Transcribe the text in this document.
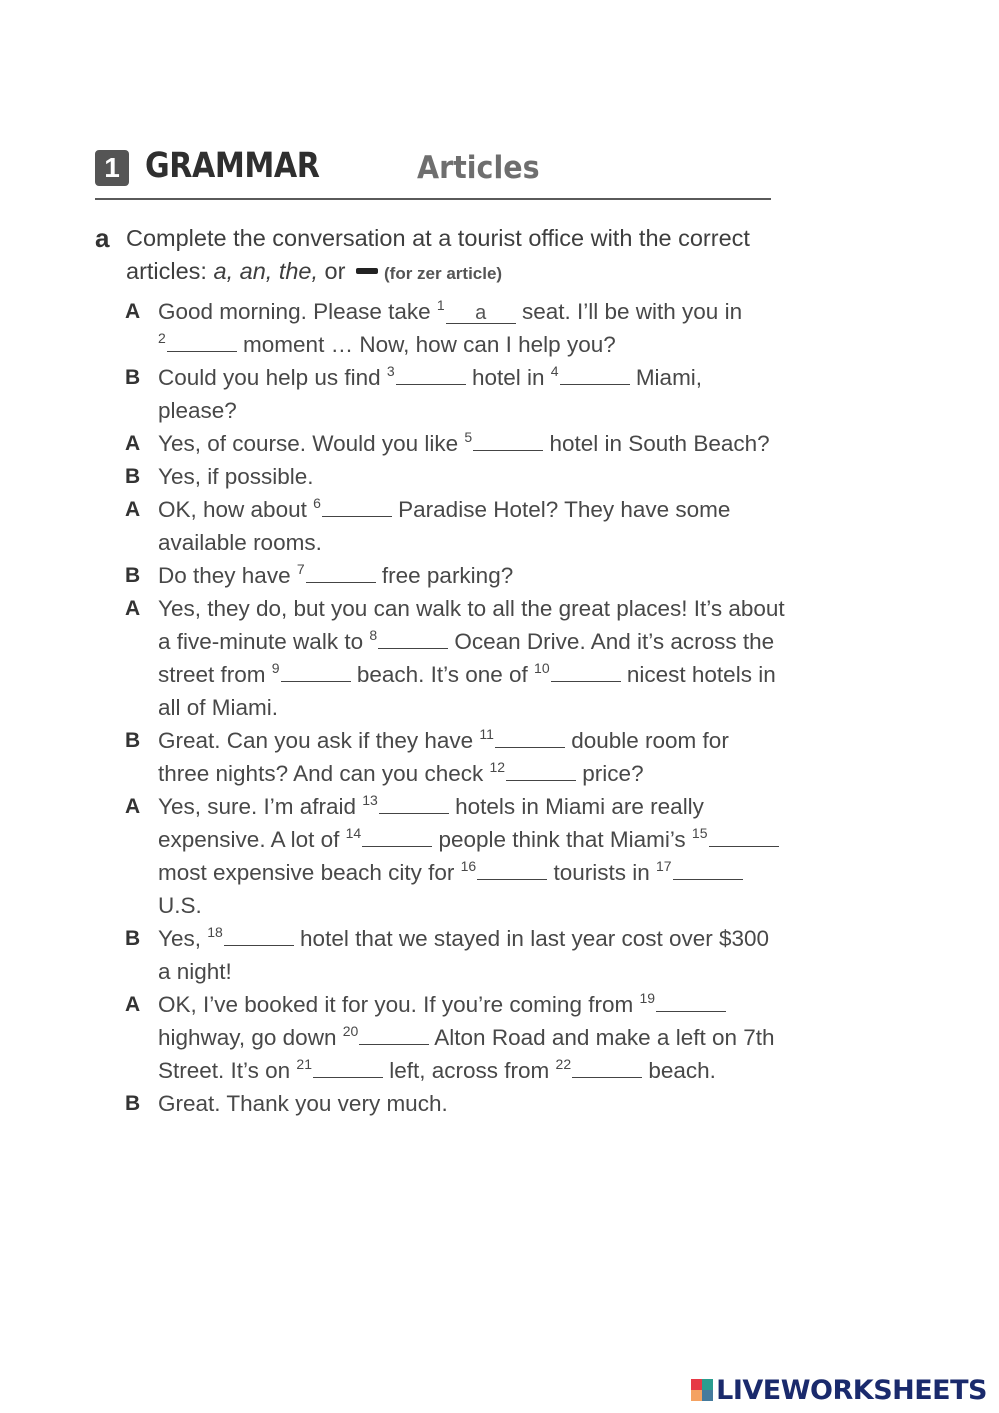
1 GRAMMAR	Articles
a Complete the conversation at a tourist office with the correct articles: a, an, the, or (for zer article)
A Good morning. Please take $^1$ a seat. I’ll be with you in $^2$	moment … Now, how can I help you?
B Could you help us find $^3$	hotel in $^4$	Miami, please?
A Yes, of course. Would you like $^5$	hotel in South Beach?
B Yes, if possible.
A OK, how about $^6$	Paradise Hotel? They have some available rooms.
B Do they have $^7$	free parking?
A Yes, they do, but you can walk to all the great places! It’s about a five-minute walk to $^8$	Ocean Drive. And it’s across the street from $^9$	beach. It’s one of $^{10}$	nicest hotels in all of Miami.
B Great. Can you ask if they have $^{11}$	double room for three nights? And can you check $^{12}$	price?
A Yes, sure. I’m afraid $^{13}$	hotels in Miami are really expensive. A lot of $^{14}$	people think that Miami’s $^{15}$ most expensive beach city for $^{16}$	tourists in $^{17}$ U.S.
B Yes, $^{18}$	hotel that we stayed in last year cost over $300 a night!
A OK, I’ve booked it for you. If you’re coming from $^{19}$ highway, go down $^{20}$	Alton Road and make a left on 7th Street. It’s on $^{21}$	left, across from $^{22}$	beach.
B Great. Thank you very much.
LIVEWORKSHEETS
